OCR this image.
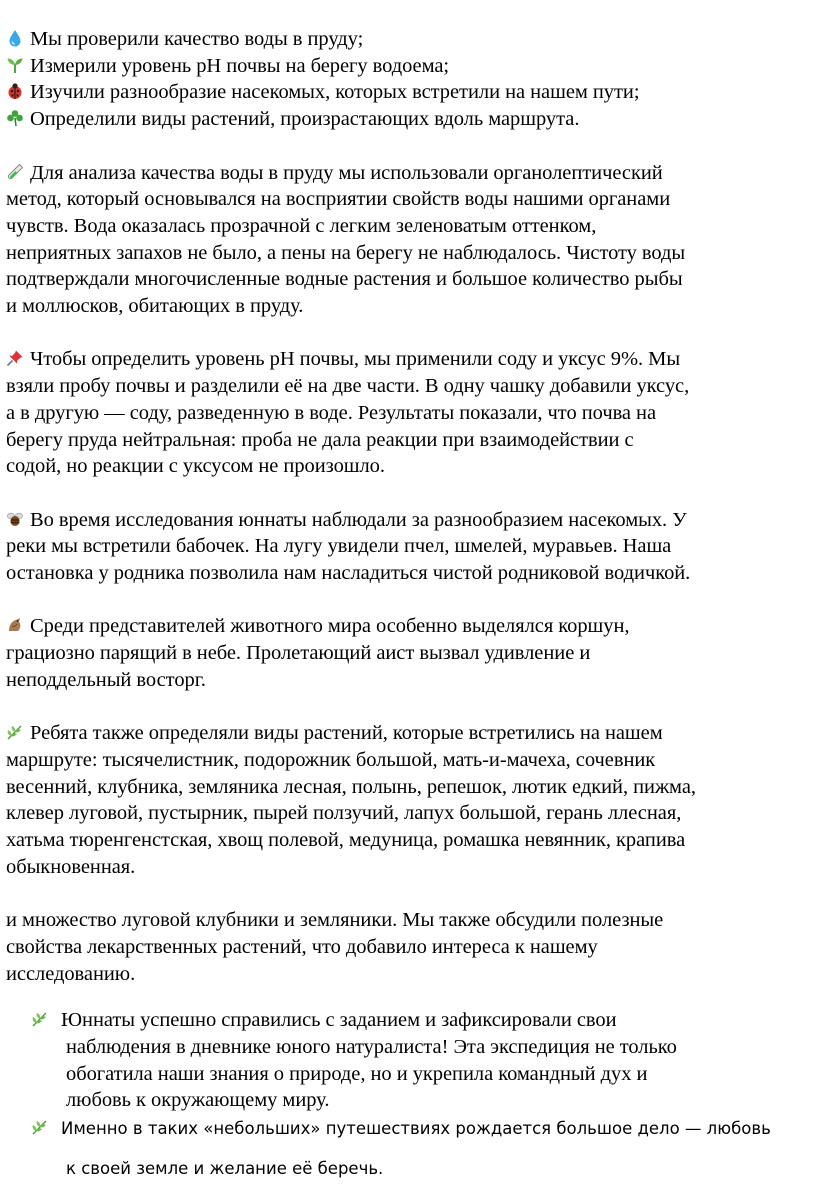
Мы проверили качество воды в пруду;
Измерили уровень pH почвы на берегу водоема;
Изучили разнообразие насекомых, которых встретили на нашем пути;
Определили виды растений, произрастающих вдоль маршрута.
Для анализа качества воды в пруду мы использовали органолептический
метод, который основывался на восприятии свойств воды нашими органами
чувств. Вода оказалась прозрачной с легким зеленоватым оттенком,
неприятных запахов не было, а пены на берегу не наблюдалось. Чистоту воды
подтверждали многочисленные водные растения и большое количество рыбы
и моллюсков, обитающих в пруду.
Чтобы определить уровень pH почвы, мы применили соду и уксус 9%. Мы
взяли пробу почвы и разделили её на две части. В одну чашку добавили уксус,
а в другую — соду, разведенную в воде. Результаты показали, что почва на
берегу пруда нейтральная: проба не дала реакции при взаимодействии с
содой, но реакции с уксусом не произошло.
Во время исследования юннаты наблюдали за разнообразием насекомых. У
реки мы встретили бабочек. На лугу увидели пчел, шмелей, муравьев. Наша
остановка у родника позволила нам насладиться чистой родниковой водичкой.
Среди представителей животного мира особенно выделялся коршун,
грациозно парящий в небе. Пролетающий аист вызвал удивление и
неподдельный восторг.
Ребята также определяли виды растений, которые встретились на нашем
маршруте: тысячелистник, подорожник большой, мать-и-мачеха, сочевник
весенний, клубника, земляника лесная, полынь, репешок, лютик едкий, пижма,
клевер луговой, пустырник, пырей ползучий, лапух большой, герань ллесная,
хатьма тюренгенстская, хвощ полевой, медуница, ромашка невянник, крапива
обыкновенная.
и множество луговой клубники и земляники. Мы также обсудили полезные
свойства лекарственных растений, что добавило интереса к нашему
исследованию.
Юннаты успешно справились с заданием и зафиксировали свои
наблюдения в дневнике юного натуралиста! Эта экспедиция не только
обогатила наши знания о природе, но и укрепила командный дух и
любовь к окружающему миру.
Именно в таких «небольших» путешествиях рождается большое дело — любовь
к своей земле и желание её беречь.
